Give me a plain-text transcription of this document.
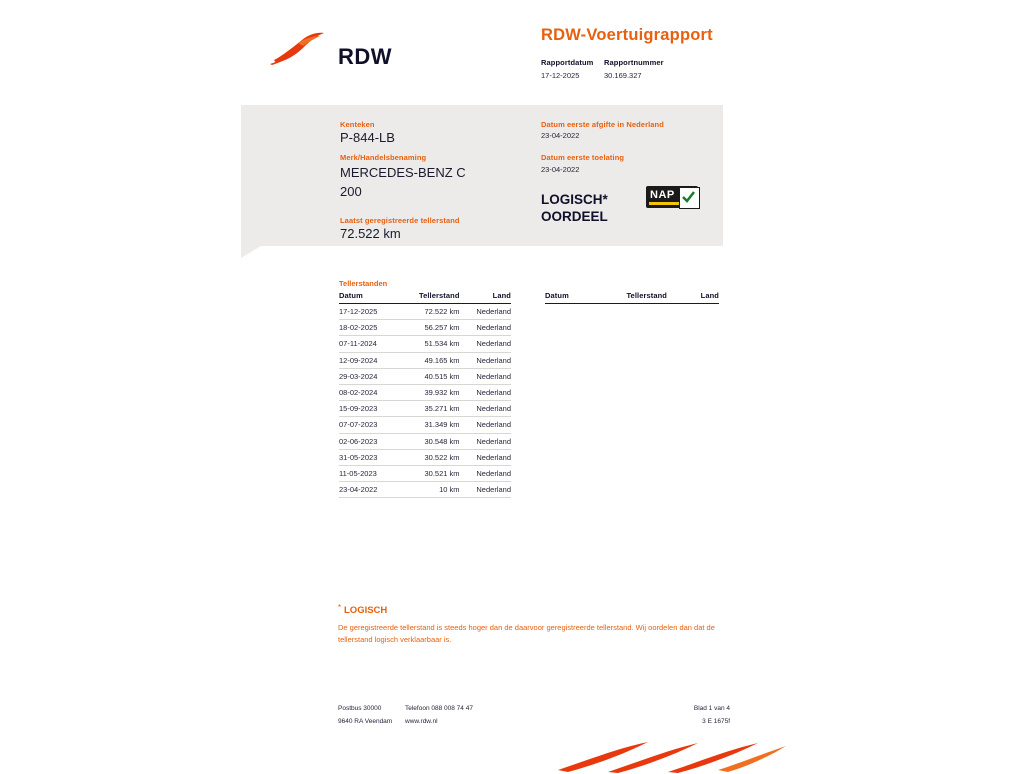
RDW
RDW-Voertuigrapport
Rapportdatum
17-12-2025
Rapportnummer
30.169.327
Kenteken
P-844-LB
Merk/Handelsbenaming
MERCEDES-BENZ C 200
Laatst geregistreerde tellerstand
72.522 km
Datum eerste afgifte in Nederland
23-04-2022
Datum eerste toelating
23-04-2022
LOGISCH*
OORDEEL
NAP
Tellerstanden
Datum	Tellerstand	Land
17-12-2025	72.522 km	Nederland
18-02-2025	56.257 km	Nederland
07-11-2024	51.534 km	Nederland
12-09-2024	49.165 km	Nederland
29-03-2024	40.515 km	Nederland
08-02-2024	39.932 km	Nederland
15-09-2023	35.271 km	Nederland
07-07-2023	31.349 km	Nederland
02-06-2023	30.548 km	Nederland
31-05-2023	30.522 km	Nederland
11-05-2023	30.521 km	Nederland
23-04-2022	10 km	Nederland
Datum	Tellerstand	Land
* LOGISCH
De geregistreerde tellerstand is steeds hoger dan de daarvoor geregistreerde tellerstand. Wij oordelen dan dat de tellerstand logisch verklaarbaar is.
Postbus 30000
9640 RA Veendam
Telefoon 088 008 74 47
www.rdw.nl
Blad 1 van 4
3 E 1675f
